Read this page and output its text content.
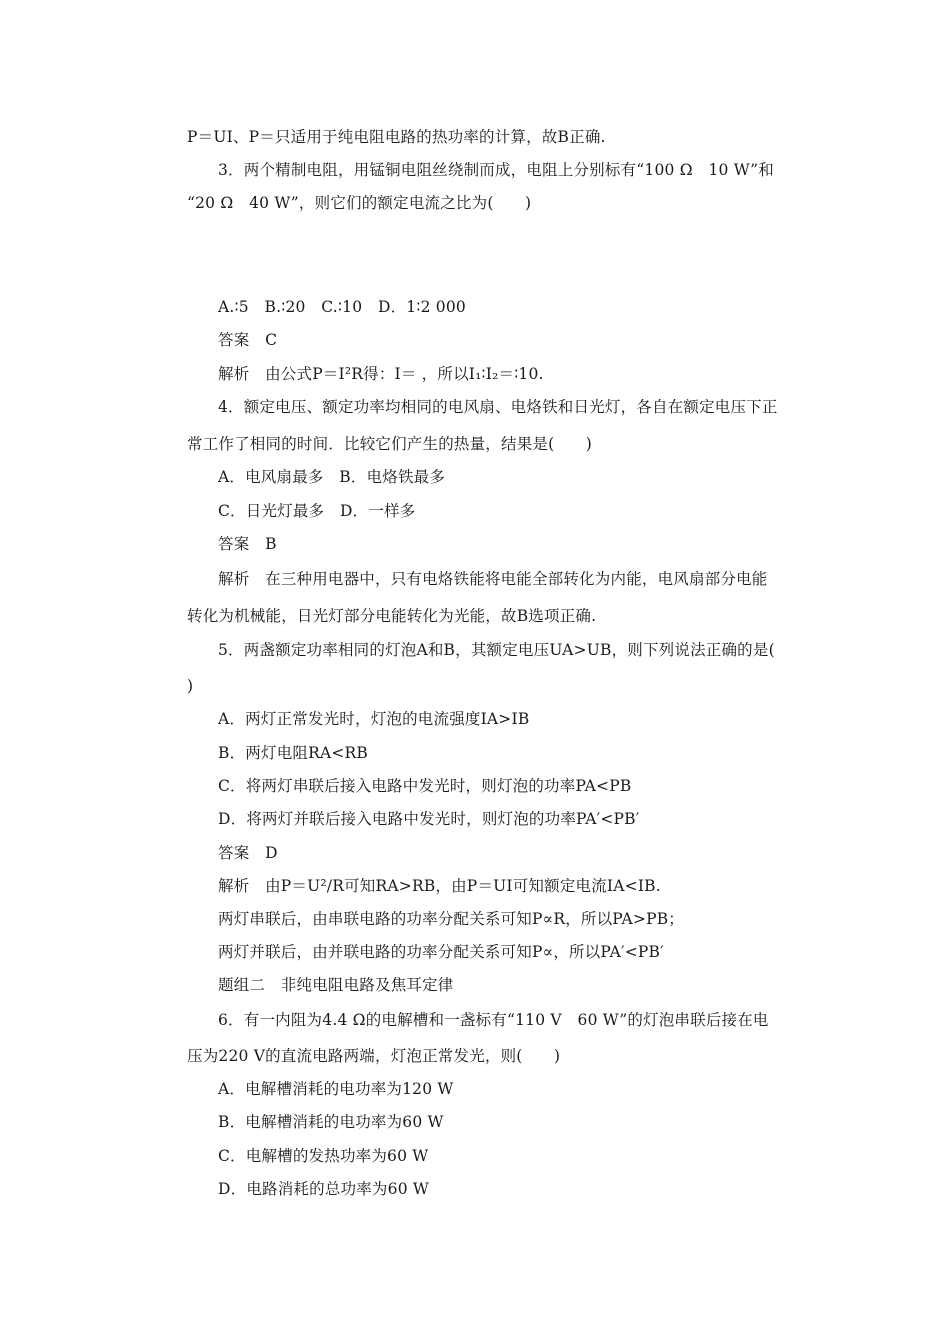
P＝UI、P＝只适用于纯电阻电路的热功率的计算，故B正确.
3．两个精制电阻，用锰铜电阻丝绕制而成，电阻上分别标有“100 Ω　10 W”和
“20 Ω　40 W”，则它们的额定电流之比为(　　)
A.∶5　B.∶20　C.∶10　D．1∶2 000
答案　C
解析　由公式P＝I²R得：I＝ ，所以I₁∶I₂＝∶10.
4．额定电压、额定功率均相同的电风扇、电烙铁和日光灯，各自在额定电压下正
常工作了相同的时间．比较它们产生的热量，结果是(　　)
A．电风扇最多　B．电烙铁最多
C．日光灯最多　D．一样多
答案　B
解析　在三种用电器中，只有电烙铁能将电能全部转化为内能，电风扇部分电能
转化为机械能，日光灯部分电能转化为光能，故B选项正确.
5．两盏额定功率相同的灯泡A和B，其额定电压UA>UB，则下列说法正确的是(
)
A．两灯正常发光时，灯泡的电流强度IA>IB
B．两灯电阻RA<RB
C．将两灯串联后接入电路中发光时，则灯泡的功率PA<PB
D．将两灯并联后接入电路中发光时，则灯泡的功率PA′<PB′
答案　D
解析　由P＝U²/R可知RA>RB，由P＝UI可知额定电流IA<IB.
两灯串联后，由串联电路的功率分配关系可知P∝R，所以PA>PB；
两灯并联后，由并联电路的功率分配关系可知P∝，所以PA′<PB′
题组二　非纯电阻电路及焦耳定律
6．有一内阻为4.4 Ω的电解槽和一盏标有“110 V　60 W”的灯泡串联后接在电
压为220 V的直流电路两端，灯泡正常发光，则(　　)
A．电解槽消耗的电功率为120 W
B．电解槽消耗的电功率为60 W
C．电解槽的发热功率为60 W
D．电路消耗的总功率为60 W
